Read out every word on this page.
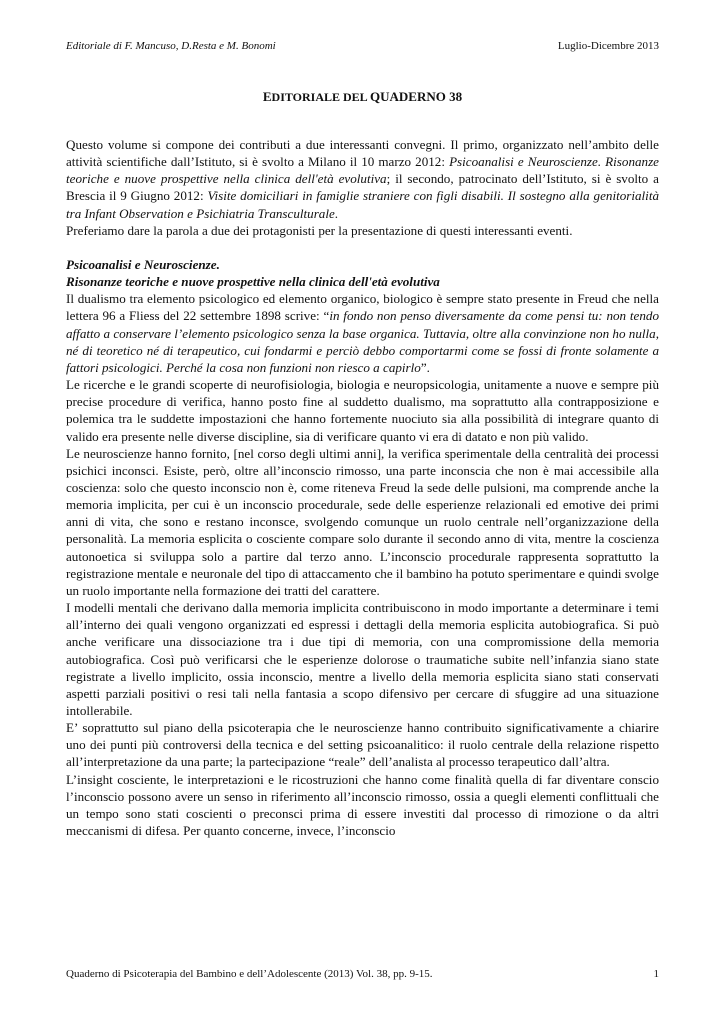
Editoriale di F. Mancuso, D.Resta e M. Bonomi	Luglio-Dicembre 2013
EDITORIALE DEL QUADERNO 38

Questo volume si compone dei contributi a due interessanti convegni. Il primo, organizzato nell’ambito delle attività scientifiche dall’Istituto, si è svolto a Milano il 10 marzo 2012: Psicoanalisi e Neuroscienze. Risonanze teoriche e nuove prospettive nella clinica dell'età evolutiva; il secondo, patrocinato dell’Istituto, si è svolto a Brescia il 9 Giugno 2012: Visite domiciliari in famiglie straniere con figli disabili. Il sostegno alla genitorialità tra Infant Observation e Psichiatria Transculturale.

Preferiamo dare la parola a due dei protagonisti per la presentazione di questi interessanti eventi.

Psicoanalisi e Neuroscienze.

Risonanze teoriche e nuove prospettive nella clinica dell'età evolutiva

Il dualismo tra elemento psicologico ed elemento organico, biologico è sempre stato presente in Freud che nella lettera 96 a Fliess del 22 settembre 1898 scrive: “in fondo non penso diversamente da come pensi tu: non tendo affatto a conservare l’elemento psicologico senza la base organica. Tuttavia, oltre alla convinzione non ho nulla, né di teoretico né di terapeutico, cui fondarmi e perciò debbo comportarmi come se fossi di fronte solamente a fattori psicologici. Perché la cosa non funzioni non riesco a capirlo”.

Le ricerche e le grandi scoperte di neurofisiologia, biologia e neuropsicologia, unitamente a nuove e sempre più precise procedure di verifica, hanno posto fine al suddetto dualismo, ma soprattutto alla contrapposizione e polemica tra le suddette impostazioni che hanno fortemente nuociuto sia alla possibilità di integrare quanto di valido era presente nelle diverse discipline, sia di verificare quanto vi era di datato e non più valido.

Le neuroscienze hanno fornito, [nel corso degli ultimi anni], la verifica sperimentale della centralità dei processi psichici inconsci. Esiste, però, oltre all’inconscio rimosso, una parte inconscia che non è mai accessibile alla coscienza: solo che questo inconscio non è, come riteneva Freud la sede delle pulsioni, ma comprende anche la memoria implicita, per cui è un inconscio procedurale, sede delle esperienze relazionali ed emotive dei primi anni di vita, che sono e restano inconsce, svolgendo comunque un ruolo centrale nell’organizzazione della personalità. La memoria esplicita o cosciente compare solo durante il secondo anno di vita, mentre la coscienza autonoetica si sviluppa solo a partire dal terzo anno. L’inconscio procedurale rappresenta soprattutto la registrazione mentale e neuronale del tipo di attaccamento che il bambino ha potuto sperimentare e quindi svolge un ruolo importante nella formazione dei tratti del carattere.

I modelli mentali che derivano dalla memoria implicita contribuiscono in modo importante a determinare i temi all’interno dei quali vengono organizzati ed espressi i dettagli della memoria esplicita autobiografica. Si può anche verificare una dissociazione tra i due tipi di memoria, con una compromissione della memoria autobiografica. Così può verificarsi che le esperienze dolorose o traumatiche subite nell’infanzia siano state registrate a livello implicito, ossia inconscio, mentre a livello della memoria esplicita siano stati conservati aspetti parziali positivi o resi tali nella fantasia a scopo difensivo per cercare di sfuggire ad una situazione intollerabile.

E’ soprattutto sul piano della psicoterapia che le neuroscienze hanno contribuito significativamente a chiarire uno dei punti più controversi della tecnica e del setting psicoanalitico: il ruolo centrale della relazione rispetto all’interpretazione da una parte; la partecipazione “reale” dell’analista al processo terapeutico dall’altra.

L’insight cosciente, le interpretazioni e le ricostruzioni che hanno come finalità quella di far diventare conscio l’inconscio possono avere un senso in riferimento all’inconscio rimosso, ossia a quegli elementi conflittuali che un tempo sono stati coscienti o preconsci prima di essere investiti dal processo di rimozione o da altri meccanismi di difesa. Per quanto concerne, invece, l’inconscio

Quaderno di Psicoterapia del Bambino e dell’Adolescente (2013) Vol. 38, pp. 9-15.	1
